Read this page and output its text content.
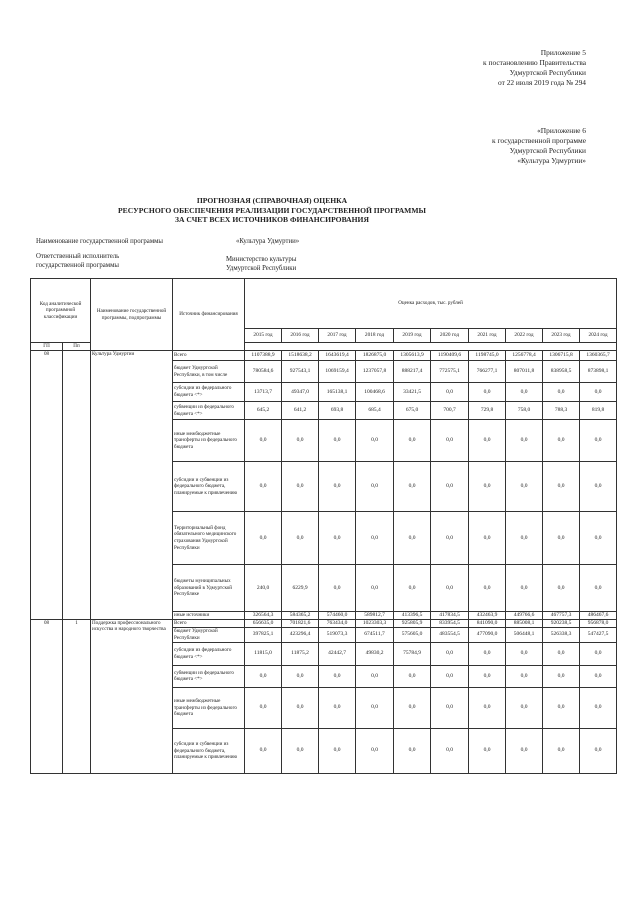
Приложение 5
к постановлению Правительства
Удмуртской Республики
от 22 июля 2019 года № 294
«Приложение 6
к государственной программе
Удмуртской Республики
«Культура Удмуртии»
ПРОГНОЗНАЯ (СПРАВОЧНАЯ) ОЦЕНКА
РЕСУРСНОГО ОБЕСПЕЧЕНИЯ РЕАЛИЗАЦИИ ГОСУДАРСТВЕННОЙ ПРОГРАММЫ
ЗА СЧЕТ ВСЕХ ИСТОЧНИКОВ ФИНАНСИРОВАНИЯ
Наименование государственной программы	«Культура Удмуртии»
Ответственный исполнитель
государственной программы
Министерство культуры
Удмуртской Республики
Код аналитической программной классификации		Наименование государственной программы, подпрограммы	Источник финансирования	Оценка расходов, тыс. рублей									
				2015 год	2016 год	2017 год	2018 год	2019 год	2020 год	2021 год	2022 год	2023 год	2024 год
ГП	Пп												
08		Культура Удмуртии	Всего	1107388,9	1518638,2	1643619,4	1826875,0	1305613,9	1190409,6	1198745,0	1256778,4	1306715,8	1360365,7
			бюджет Удмуртской Республики, в том числе	780584,6	927543,1	1069159,4	1237057,8	888217,4	772575,1	766277,1	807011,8	838958,5	873898,1
			субсидии из федерального бюджета <*>	13713,7	49347,0	165138,1	100468,6	33421,5	0,0	0,0	0,0	0,0	0,0
			субвенции из федерального бюджета <*>	645,2	641,2	693,8	685,4	675,0	700,7	729,8	758,0	788,3	819,8
			иные межбюджетные трансферты из федерального бюджета	0,0	0,0	0,0	0,0	0,0	0,0	0,0	0,0	0,0	0,0
			субсидии и субвенции из федерального бюджета, планируемые к привлечению	0,0	0,0	0,0	0,0	0,0	0,0	0,0	0,0	0,0	0,0
			Территориальный фонд обязательного медицинского страхования Удмуртской Республики	0,0	0,0	0,0	0,0	0,0	0,0	0,0	0,0	0,0	0,0
			бюджеты муниципальных образований в Удмуртской Республике	240,0	6229,9	0,0	0,0	0,0	0,0	0,0	0,0	0,0	0,0
			иные источники	326564,3	584365,2	574460,0	589812,7	413396,5	417834,5	432463,9	449766,6	467757,3	486467,6
08	1	Поддержка профессионального искусства и народного творчества	Всего	656635,0	701821,6	763434,0	1023303,3	925805,9	833954,5	841090,0	885008,1	920238,5	956878,0
			бюджет Удмуртской Республики	397825,1	423296,4	519073,3	674511,7	575605,0	483554,5	477090,0	506448,1	526338,3	547427,5
			субсидии из федерального бюджета <*>	11815,0	11875,2	42442,7	49830,2	75784,9	0,0	0,0	0,0	0,0	0,0
			субвенции из федерального бюджета <*>	0,0	0,0	0,0	0,0	0,0	0,0	0,0	0,0	0,0	0,0
			иные межбюджетные трансферты из федерального бюджета	0,0	0,0	0,0	0,0	0,0	0,0	0,0	0,0	0,0	0,0
			субсидии и субвенции из федерального бюджета, планируемые к привлечению	0,0	0,0	0,0	0,0	0,0	0,0	0,0	0,0	0,0	0,0
